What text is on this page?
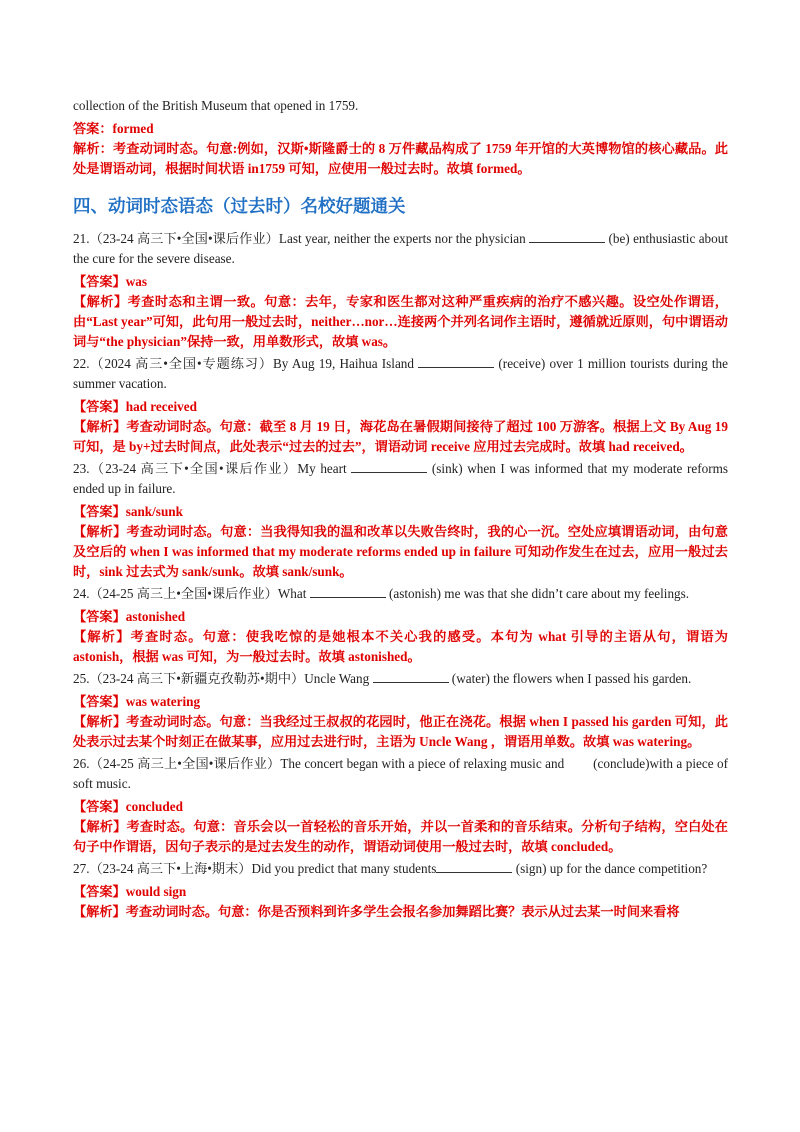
collection of the British Museum that opened in 1759.

答案：formed

解析：考查动词时态。句意:例如，汉斯•斯隆爵士的 8 万件藏品构成了 1759 年开馆的大英博物馆的核心藏品。此处是谓语动词，根据时间状语 in1759 可知，应使用一般过去时。故填 formed。

四、动词时态语态（过去时）名校好题通关

21.（23-24 高三下•全国•课后作业）Last year, neither the experts nor the physician	(be) enthusiastic about the cure for the severe disease.

【答案】was

【解析】考查时态和主谓一致。句意：去年，专家和医生都对这种严重疾病的治疗不感兴趣。设空处作谓语，由“Last year”可知，此句用一般过去时，neither…nor…连接两个并列名词作主语时，遵循就近原则，句中谓语动词与“the physician”保持一致，用单数形式，故填 was。

22.（2024 高三•全国•专题练习）By Aug 19, Haihua Island	(receive) over 1 million tourists during the summer vacation.

【答案】had received

【解析】考查动词时态。句意：截至 8 月 19 日，海花岛在暑假期间接待了超过 100 万游客。根据上文 By Aug 19 可知，是 by+过去时间点，此处表示“过去的过去”，谓语动词 receive 应用过去完成时。故填 had received。

23.（23-24 高三下•全国•课后作业）My heart	(sink) when I was informed that my moderate reforms ended up in failure.

【答案】sank/sunk

【解析】考查动词时态。句意：当我得知我的温和改革以失败告终时，我的心一沉。空处应填谓语动词，由句意及空后的 when I was informed that my moderate reforms ended up in failure 可知动作发生在过去，应用一般过去时，sink 过去式为 sank/sunk。故填 sank/sunk。

24.（24-25 高三上•全国•课后作业）What	(astonish) me was that she didn’t care about my feelings.

【答案】astonished

【解析】考查时态。句意：使我吃惊的是她根本不关心我的感受。本句为 what 引导的主语从句，谓语为 astonish，根据 was 可知，为一般过去时。故填 astonished。

25.（23-24 高三下•新疆克孜勒苏•期中）Uncle Wang	(water) the flowers when I passed his garden.

【答案】was watering

【解析】考查动词时态。句意：当我经过王叔叔的花园时，他正在浇花。根据 when I passed his garden 可知，此处表示过去某个时刻正在做某事，应用过去进行时，主语为 Uncle Wang ，谓语用单数。故填 was watering。

26.（24-25 高三上•全国•课后作业）The concert began with a piece of relaxing music and  (conclude)with a piece of soft music.

【答案】concluded

【解析】考查时态。句意：音乐会以一首轻松的音乐开始，并以一首柔和的音乐结束。分析句子结构，空白处在句子中作谓语，因句子表示的是过去发生的动作，谓语动词使用一般过去时，故填 concluded。

27.（23-24 高三下•上海•期末）Did you predict that many students	(sign) up for the dance competition?

【答案】would sign

【解析】考查动词时态。句意：你是否预料到许多学生会报名参加舞蹈比赛？表示从过去某一时间来看将
